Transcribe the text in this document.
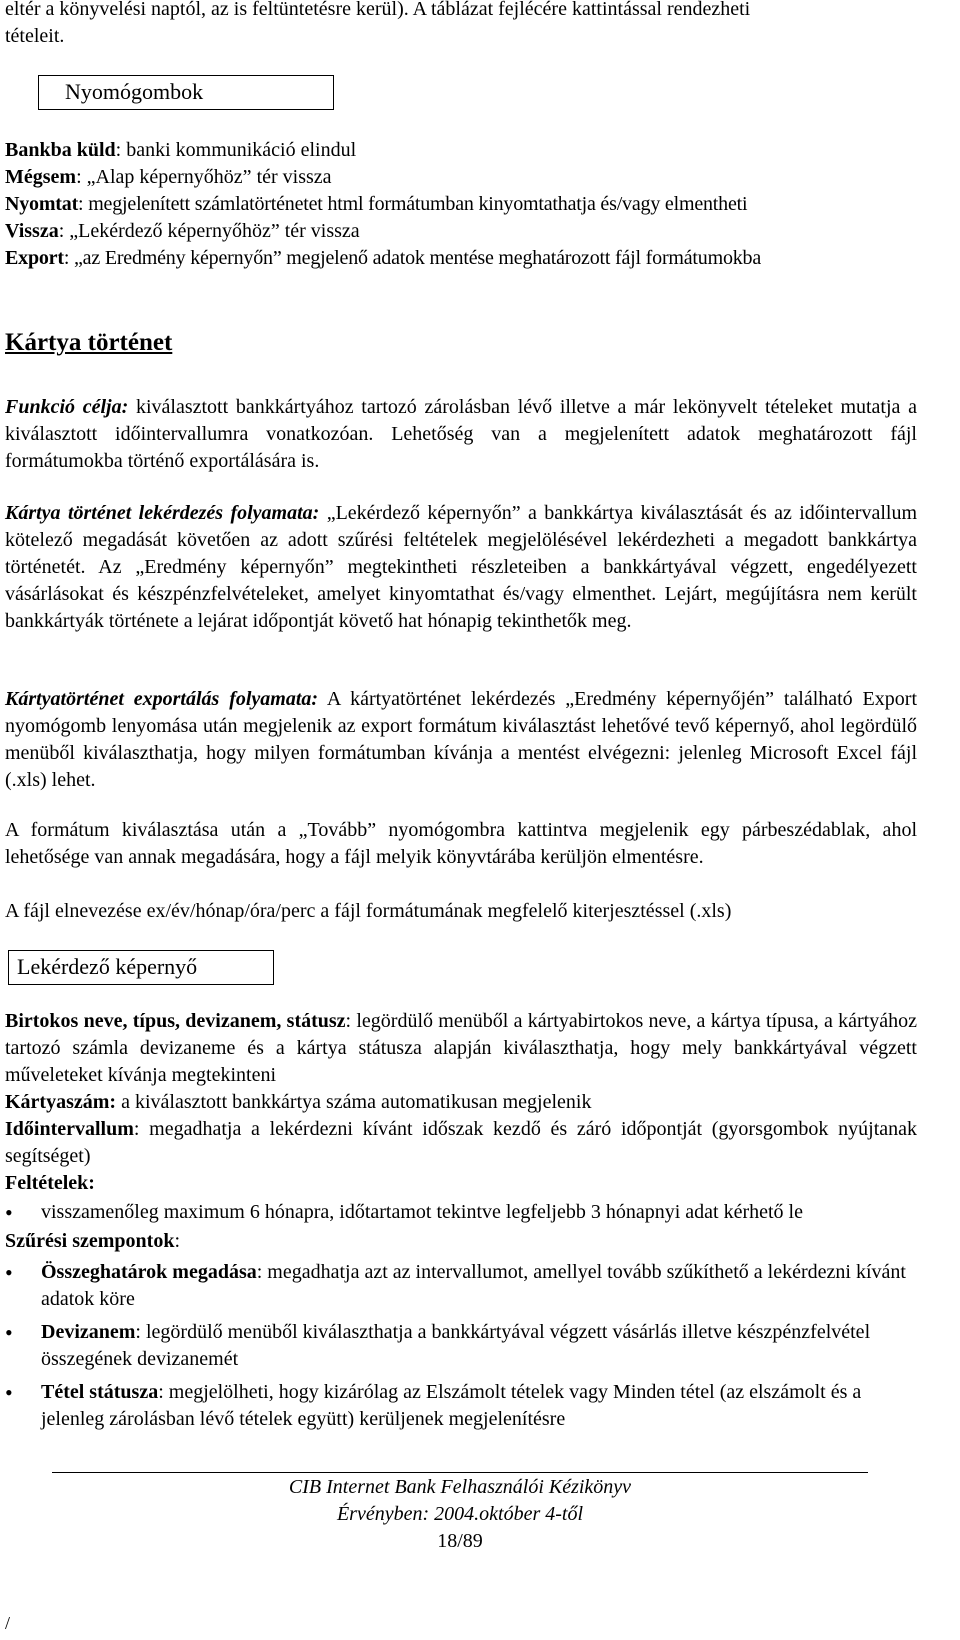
eltér a könyvelési naptól, az is feltüntetésre kerül). A táblázat fejlécére kattintással rendezheti
tételeit.

Nyomógombok

Bankba küld: banki kommunikáció elindul

Mégsem: „Alap képernyőhöz” tér vissza

Nyomtat: megjelenített számlatörténetet html formátumban kinyomtathatja és/vagy elmentheti

Vissza: „Lekérdező képernyőhöz” tér vissza

Export: „az Eredmény képernyőn” megjelenő adatok mentése meghatározott fájl formátumokba

Kártya történet

Funkció célja: kiválasztott bankkártyához tartozó zárolásban lévő illetve a már lekönyvelt tételeket mutatja a kiválasztott időintervallumra vonatkozóan. Lehetőség van a megjelenített adatok meghatározott fájl formátumokba történő exportálására is.

Kártya történet lekérdezés folyamata: „Lekérdező képernyőn” a bankkártya kiválasztását és az időintervallum kötelező megadását követően az adott szűrési feltételek megjelölésével lekérdezheti a megadott bankkártya történetét. Az „Eredmény képernyőn” megtekintheti részleteiben a bankkártyával végzett, engedélyezett vásárlásokat és készpénzfelvételeket, amelyet kinyomtathat és/vagy elmenthet. Lejárt, megújításra nem került bankkártyák története a lejárat időpontját követő hat hónapig tekinthetők meg.

Kártyatörténet exportálás folyamata: A kártyatörténet lekérdezés „Eredmény képernyőjén” található Export nyomógomb lenyomása után megjelenik az export formátum kiválasztást lehetővé tevő képernyő, ahol legördülő menüből kiválaszthatja, hogy milyen formátumban kívánja a mentést elvégezni: jelenleg Microsoft Excel fájl (.xls) lehet.

A formátum kiválasztása után a „Tovább” nyomógombra kattintva megjelenik egy párbeszédablak, ahol lehetősége van annak megadására, hogy a fájl melyik könyvtárába kerüljön elmentésre.

A fájl elnevezése ex/év/hónap/óra/perc a fájl formátumának megfelelő kiterjesztéssel (.xls)

Lekérdező képernyő

Birtokos neve, típus, devizanem, státusz: legördülő menüből a kártyabirtokos neve, a kártya típusa, a kártyához tartozó számla devizaneme és a kártya státusza alapján kiválaszthatja, hogy mely bankkártyával végzett műveleteket kívánja megtekinteni

Kártyaszám: a kiválasztott bankkártya száma automatikusan megjelenik

Időintervallum: megadhatja a lekérdezni kívánt időszak kezdő és záró időpontját (gyorsgombok nyújtanak segítséget)

Feltételek:

• visszamenőleg maximum 6 hónapra, időtartamot tekintve legfeljebb 3 hónapnyi adat kérhető le

Szűrési szempontok:

• Összeghatárok megadása: megadhatja azt az intervallumot, amellyel tovább szűkíthető a lekérdezni kívánt adatok köre
• Devizanem: legördülő menüből kiválaszthatja a bankkártyával végzett vásárlás illetve készpénzfelvétel összegének devizanemét
• Tétel státusza: megjelölheti, hogy kizárólag az Elszámolt tételek vagy Minden tétel (az elszámolt és a jelenleg zárolásban lévő tételek együtt) kerüljenek megjelenítésre
CIB Internet Bank Felhasználói Kézikönyv
Érvényben: 2004.október 4-től
18/89
/
